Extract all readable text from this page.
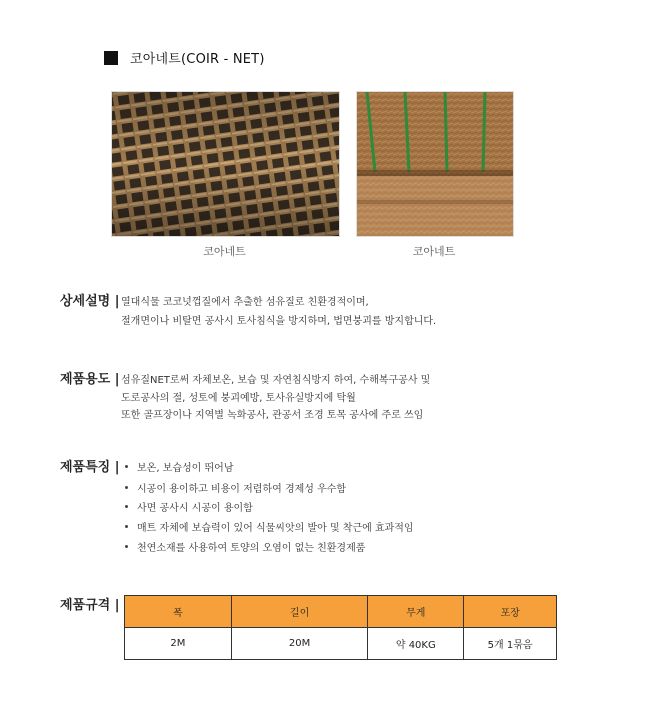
코아네트(COIR - NET)
코아네트	코아네트
상세설명 | 열대식물 코코넛껍질에서 추출한 섬유질로 친환경적이며,
절개면이나 비탈면 공사시 토사침식을 방지하며, 법면붕괴를 방지합니다.
제품용도 | 섬유질NET로써 자체보온, 보습 및 자연침식방지 하여, 수해복구공사 및
도로공사의 절, 성토에 붕괴예방, 토사유실방지에 탁월
또한 골프장이나 지역별 녹화공사, 관공서 조경 토목 공사에 주로 쓰임
제품특징 | 보온, 보습성이 뛰어남
시공이 용이하고 비용이 저렴하여 경제성 우수함
사면 공사시 시공이 용이함
매트 자체에 보습력이 있어 식물씨앗의 발아 및 착근에 효과적임
천연소재를 사용하여 토양의 오염이 없는 친환경제품
제품규격 |
폭	길이	무게	포장
2M	20M	약 40KG	5개 1묶음
